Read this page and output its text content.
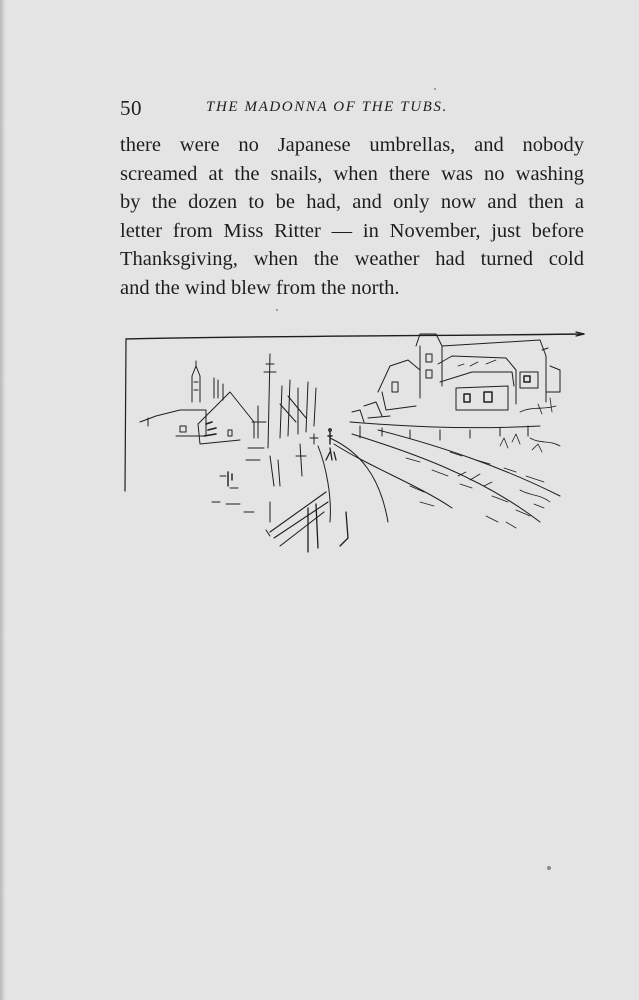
50	THE MADONNA OF THE TUBS.
there were no Japanese umbrellas, and nobody
screamed at the snails, when there was no washing
by the dozen to be had, and only now and then a
letter from Miss Ritter — in November, just before
Thanksgiving, when the weather had turned cold
and the wind blew from the north.
